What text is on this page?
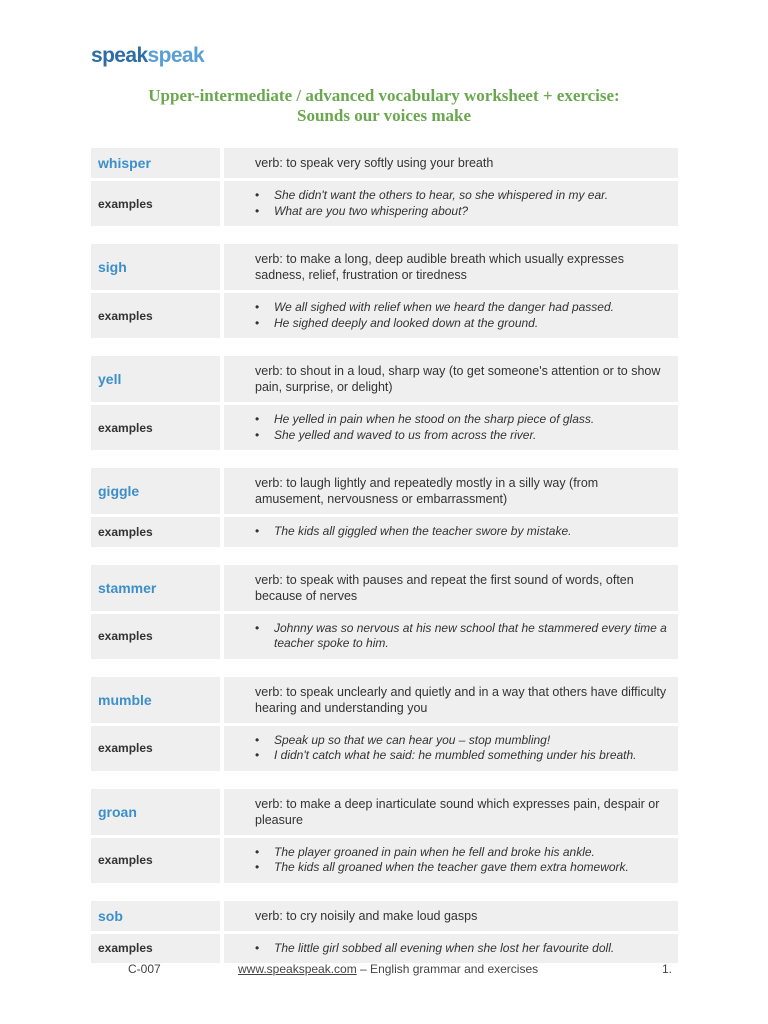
speakspeak
Upper-intermediate / advanced vocabulary worksheet + exercise:
Sounds our voices make
whisper	verb: to speak very softly using your breath
examples
• She didn't want the others to hear, so she whispered in my ear.
• What are you two whispering about?
sigh	verb: to make a long, deep audible breath which usually expresses sadness, relief, frustration or tiredness
examples
• We all sighed with relief when we heard the danger had passed.
• He sighed deeply and looked down at the ground.
yell	verb: to shout in a loud, sharp way (to get someone's attention or to show pain, surprise, or delight)
examples
• He yelled in pain when he stood on the sharp piece of glass.
• She yelled and waved to us from across the river.
giggle	verb: to laugh lightly and repeatedly mostly in a silly way (from amusement, nervousness or embarrassment)
examples	• The kids all giggled when the teacher swore by mistake.
stammer	verb: to speak with pauses and repeat the first sound of words, often because of nerves
examples
• Johnny was so nervous at his new school that he stammered every time a teacher spoke to him.
mumble	verb: to speak unclearly and quietly and in a way that others have difficulty hearing and understanding you
examples
• Speak up so that we can hear you – stop mumbling!
• I didn't catch what he said: he mumbled something under his breath.
groan	verb: to make a deep inarticulate sound which expresses pain, despair or pleasure
examples
• The player groaned in pain when he fell and broke his ankle.
• The kids all groaned when the teacher gave them extra homework.
sob	verb: to cry noisily and make loud gasps
examples	• The little girl sobbed all evening when she lost her favourite doll.
C-007	www.speakspeak.com – English grammar and exercises	1.
